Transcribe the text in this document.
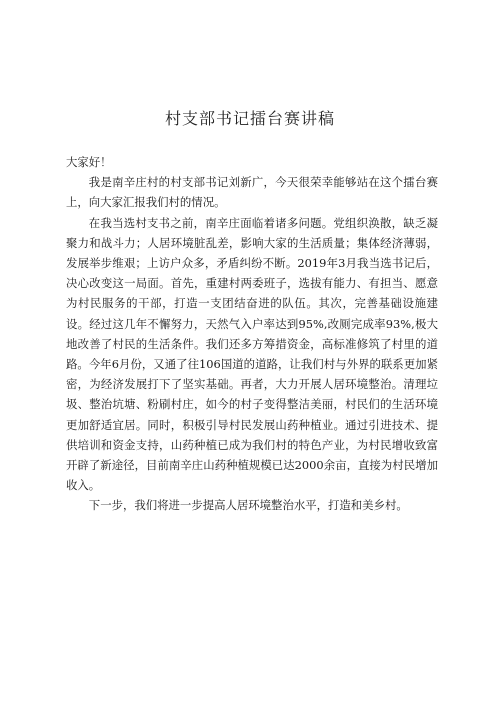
村支部书记擂台赛讲稿

大家好！

我是南辛庄村的村支部书记刘新广，今天很荣幸能够站在这个擂台赛上，向大家汇报我们村的情况。

在我当选村支书之前，南辛庄面临着诸多问题。党组织涣散，缺乏凝聚力和战斗力；人居环境脏乱差，影响大家的生活质量；集体经济薄弱，发展举步维艰；上访户众多，矛盾纠纷不断。2019年3月我当选书记后，决心改变这一局面。首先，重建村两委班子，选拔有能力、有担当、愿意为村民服务的干部，打造一支团结奋进的队伍。其次，完善基础设施建设。经过这几年不懈努力，天然气入户率达到95%,改厕完成率93%,极大地改善了村民的生活条件。我们还多方筹措资金，高标准修筑了村里的道路。今年6月份，又通了往106国道的道路，让我们村与外界的联系更加紧密，为经济发展打下了坚实基础。再者，大力开展人居环境整治。清理垃圾、整治坑塘、粉刷村庄，如今的村子变得整洁美丽，村民们的生活环境更加舒适宜居。同时，积极引导村民发展山药种植业。通过引进技术、提供培训和资金支持，山药种植已成为我们村的特色产业，为村民增收致富开辟了新途径，目前南辛庄山药种植规模已达2000余亩，直接为村民增加收入。

下一步，我们将进一步提高人居环境整治水平，打造和美乡村。
